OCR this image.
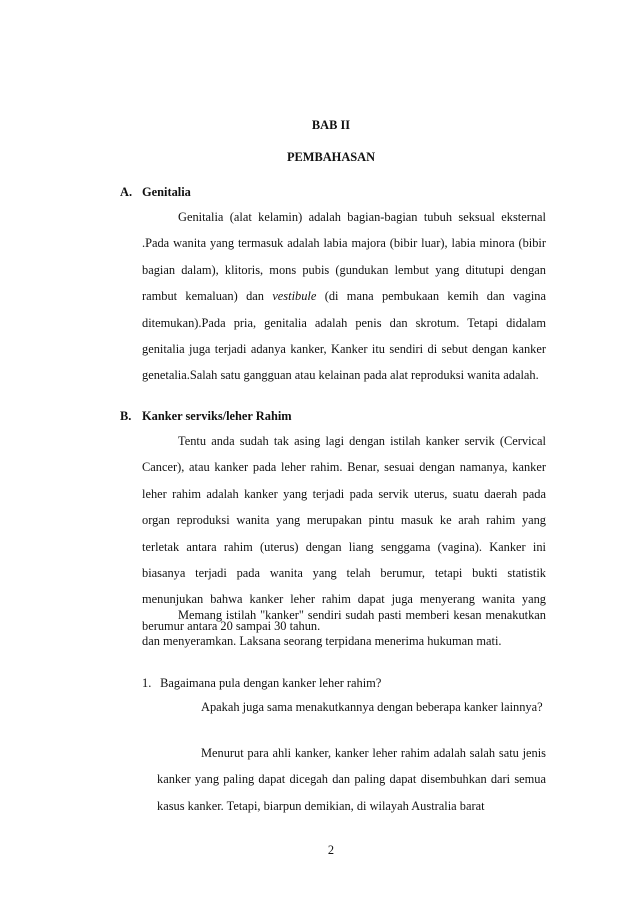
BAB II
PEMBAHASAN
A. Genitalia
Genitalia (alat kelamin) adalah bagian-bagian tubuh seksual eksternal .Pada wanita yang termasuk adalah labia majora (bibir luar), labia minora (bibir bagian dalam), klitoris, mons pubis (gundukan lembut yang ditutupi dengan rambut kemaluan) dan vestibule (di mana pembukaan kemih dan vagina ditemukan).Pada pria, genitalia adalah penis dan skrotum. Tetapi didalam genitalia juga terjadi adanya kanker, Kanker itu sendiri di sebut dengan kanker genetalia.Salah satu gangguan atau kelainan pada alat reproduksi wanita adalah.
B. Kanker serviks/leher Rahim
Tentu anda sudah tak asing lagi dengan istilah kanker servik (Cervical Cancer), atau kanker pada leher rahim. Benar, sesuai dengan namanya, kanker leher rahim adalah kanker yang terjadi pada servik uterus, suatu daerah pada organ reproduksi wanita yang merupakan pintu masuk ke arah rahim yang terletak antara rahim (uterus) dengan liang senggama (vagina). Kanker ini biasanya terjadi pada wanita yang telah berumur, tetapi bukti statistik menunjukan bahwa kanker leher rahim dapat juga menyerang wanita yang berumur antara 20 sampai 30 tahun.
Memang istilah "kanker" sendiri sudah pasti memberi kesan menakutkan dan menyeramkan. Laksana seorang terpidana menerima hukuman mati.
1. Bagaimana pula dengan kanker leher rahim?
Apakah juga sama menakutkannya dengan beberapa kanker lainnya?
Menurut para ahli kanker, kanker leher rahim adalah salah satu jenis kanker yang paling dapat dicegah dan paling dapat disembuhkan dari semua kasus kanker. Tetapi, biarpun demikian, di wilayah Australia barat
2
